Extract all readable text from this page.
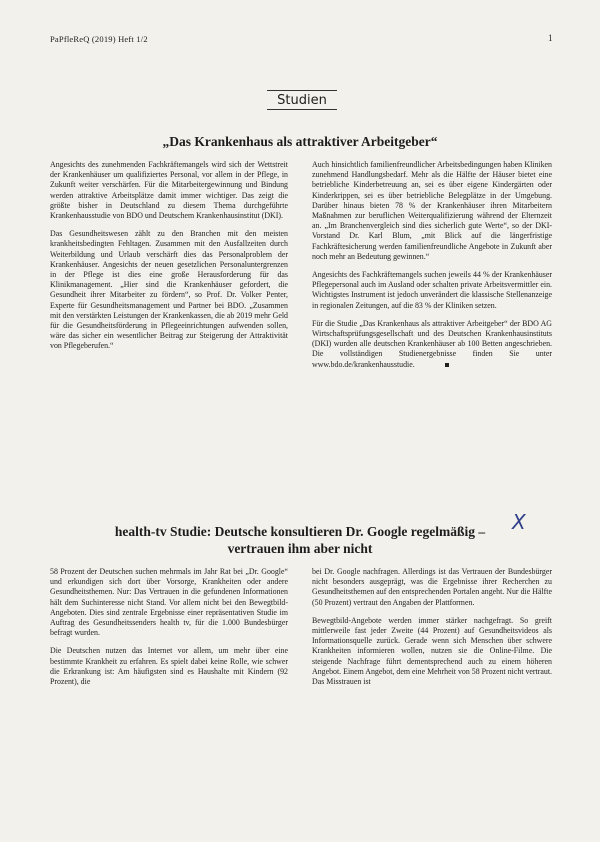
PaPfleReQ (2019) Heft 1/2	1
Studien
„Das Krankenhaus als attraktiver Arbeitgeber“

Angesichts des zunehmenden Fachkräftemangels wird sich der Wettstreit der Krankenhäuser um qualifiziertes Personal, vor allem in der Pflege, in Zukunft weiter verschärfen. Für die Mitarbeitergewinnung und Bindung werden attraktive Arbeitsplätze damit immer wichtiger. Das zeigt die größte bisher in Deutschland zu diesem Thema durchgeführte Krankenhausstudie von BDO und Deutschem Krankenhausinstitut (DKI).

Das Gesundheitswesen zählt zu den Branchen mit den meisten krankheitsbedingten Fehltagen. Zusammen mit den Ausfallzeiten durch Weiterbildung und Urlaub verschärft dies das Personalproblem der Krankenhäuser. Angesichts der neuen gesetzlichen Personaluntergrenzen in der Pflege ist dies eine große Herausforderung für das Klinikmanagement. „Hier sind die Krankenhäuser gefordert, die Gesundheit ihrer Mitarbeiter zu fördern“, so Prof. Dr. Volker Penter, Experte für Gesundheitsmanagement und Partner bei BDO. „Zusammen mit den verstärkten Leistungen der Krankenkassen, die ab 2019 mehr Geld für die Gesundheitsförderung in Pflegeeinrichtungen aufwenden sollen, wäre das sicher ein wesentlicher Beitrag zur Steigerung der Attraktivität von Pflegeberufen.“

Auch hinsichtlich familienfreundlicher Arbeitsbedingungen haben Kliniken zunehmend Handlungsbedarf. Mehr als die Hälfte der Häuser bietet eine betriebliche Kinderbetreuung an, sei es über eigene Kindergärten oder Kinderkrippen, sei es über betriebliche Belegplätze in der Umgebung. Darüber hinaus bieten 78 % der Krankenhäuser ihren Mitarbeitern Maßnahmen zur beruflichen Weiterqualifizierung während der Elternzeit an. „Im Branchenvergleich sind dies sicherlich gute Werte“, so der DKI-Vorstand Dr. Karl Blum, „mit Blick auf die längerfristige Fachkräftesicherung werden familienfreundliche Angebote in Zukunft aber noch mehr an Bedeutung gewinnen.“

Angesichts des Fachkräftemangels suchen jeweils 44 % der Krankenhäuser Pflegepersonal auch im Ausland oder schalten private Arbeitsvermittler ein. Wichtigstes Instrument ist jedoch unverändert die klassische Stellenanzeige in regionalen Zeitungen, auf die 83 % der Kliniken setzen.

Für die Studie „Das Krankenhaus als attraktiver Arbeitgeber“ der BDO AG Wirtschaftsprüfungsgesellschaft und des Deutschen Krankenhausinstituts (DKI) wurden alle deutschen Krankenhäuser ab 100 Betten angeschrieben. Die vollständigen Studienergebnisse finden Sie unter www.bdo.de/krankenhausstudie.

health-tv Studie: Deutsche konsultieren Dr. Google regelmäßig –
vertrauen ihm aber nicht
X

58 Prozent der Deutschen suchen mehrmals im Jahr Rat bei „Dr. Google“ und erkundigen sich dort über Vorsorge, Krankheiten oder andere Gesundheitsthemen. Nur: Das Vertrauen in die gefundenen Informationen hält dem Suchinteresse nicht Stand. Vor allem nicht bei den Bewegtbild-Angeboten. Dies sind zentrale Ergebnisse einer repräsentativen Studie im Auftrag des Gesundheitssenders health tv, für die 1.000 Bundesbürger befragt wurden.

Die Deutschen nutzen das Internet vor allem, um mehr über eine bestimmte Krankheit zu erfahren. Es spielt dabei keine Rolle, wie schwer die Erkrankung ist: Am häufigsten sind es Haushalte mit Kindern (92 Prozent), die

bei Dr. Google nachfragen. Allerdings ist das Vertrauen der Bundesbürger nicht besonders ausgeprägt, was die Ergebnisse ihrer Recherchen zu Gesundheitsthemen auf den entsprechenden Portalen angeht. Nur die Hälfte (50 Prozent) vertraut den Angaben der Plattformen.

Bewegtbild-Angebote werden immer stärker nachgefragt. So greift mittlerweile fast jeder Zweite (44 Prozent) auf Gesundheitsvideos als Informationsquelle zurück. Gerade wenn sich Menschen über schwere Krankheiten informieren wollen, nutzen sie die Online-Filme. Die steigende Nachfrage führt dementsprechend auch zu einem höheren Angebot. Einem Angebot, dem eine Mehrheit von 58 Prozent nicht vertraut. Das Misstrauen ist
